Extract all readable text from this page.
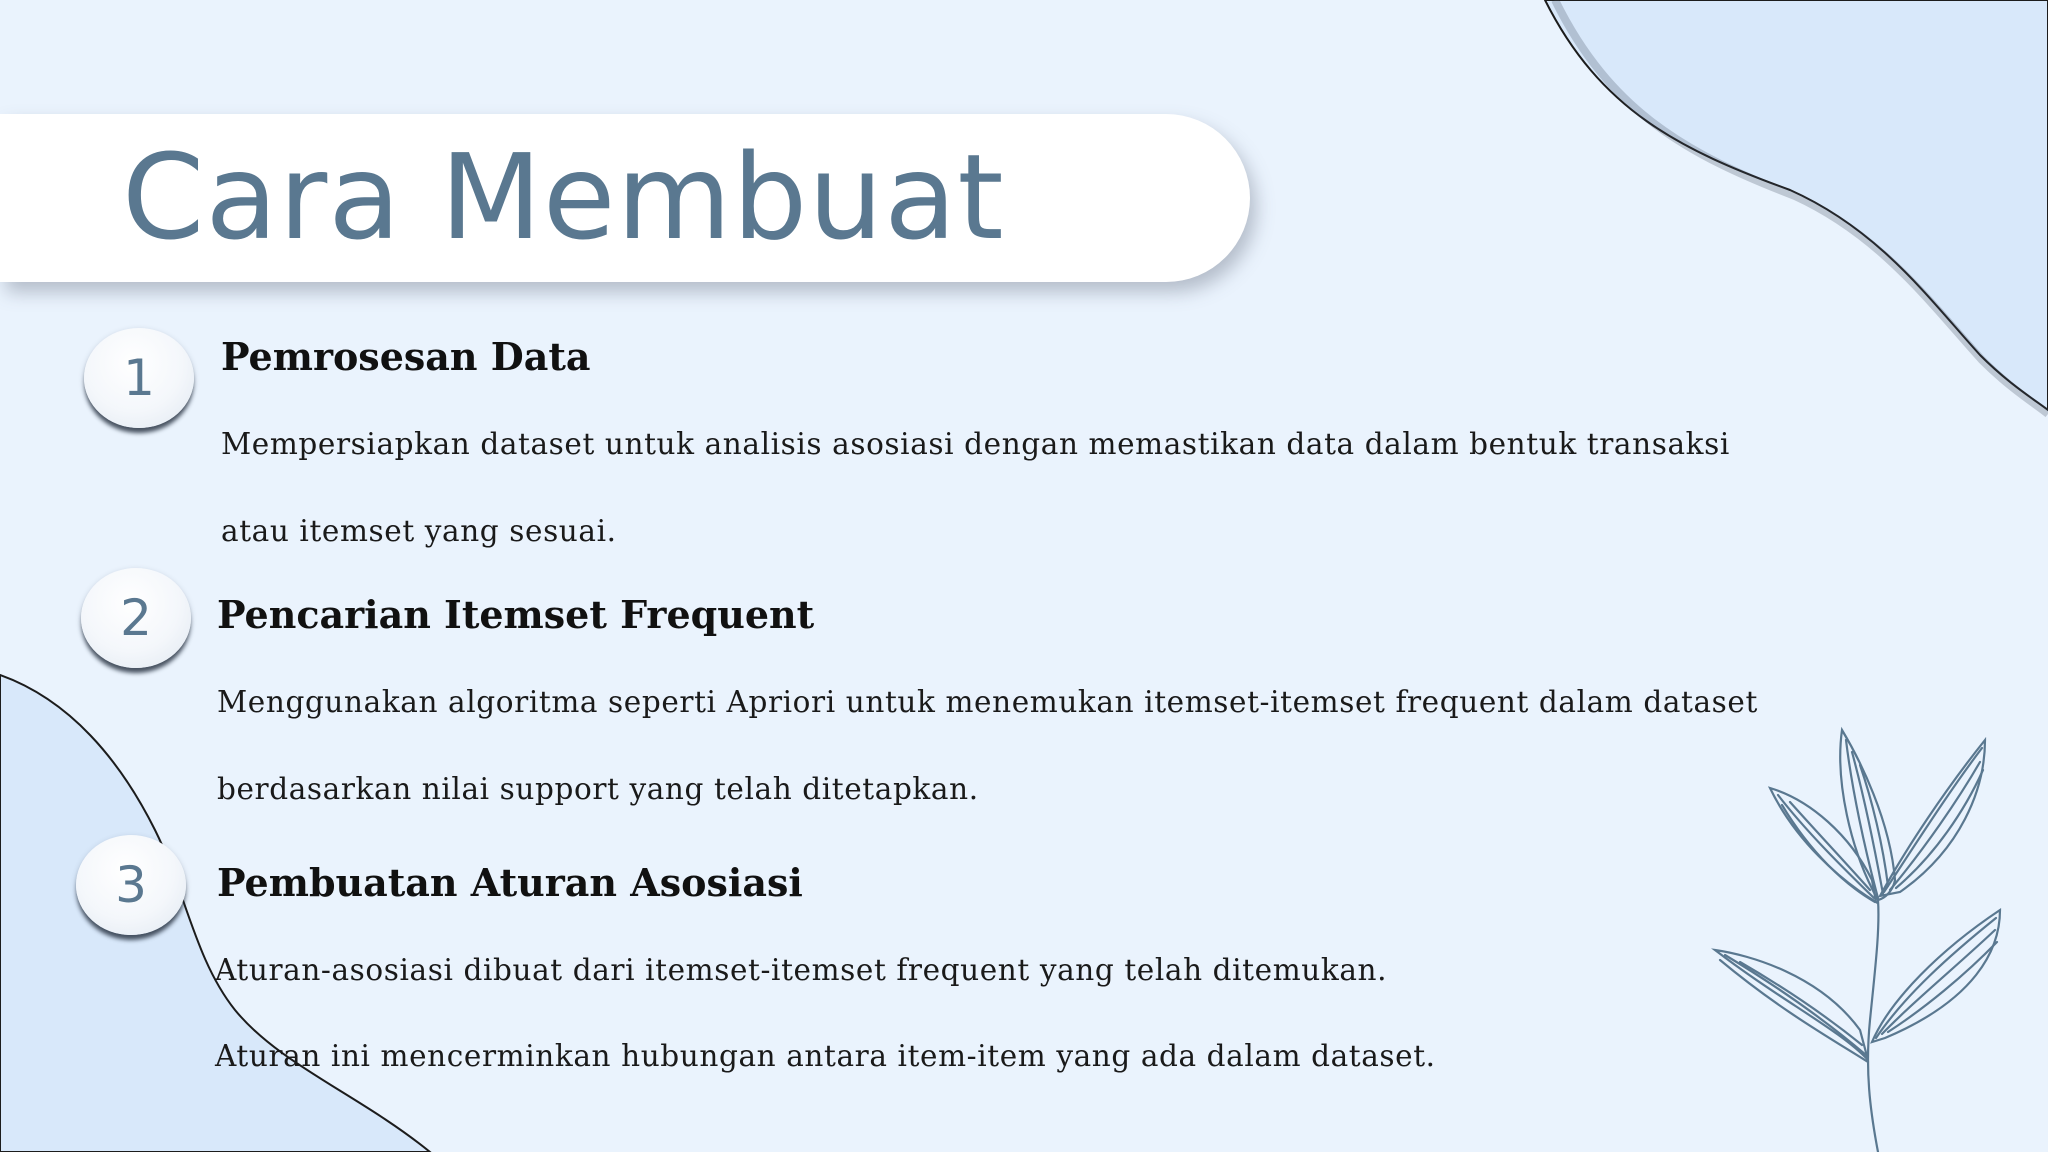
Cara Membuat
1	Pemrosesan Data
Mempersiapkan dataset untuk analisis asosiasi dengan memastikan data dalam bentuk transaksi
atau itemset yang sesuai.
2	Pencarian Itemset Frequent
Menggunakan algoritma seperti Apriori untuk menemukan itemset-itemset frequent dalam dataset
berdasarkan nilai support yang telah ditetapkan.
3	Pembuatan Aturan Asosiasi
Aturan-asosiasi dibuat dari itemset-itemset frequent yang telah ditemukan.
Aturan ini mencerminkan hubungan antara item-item yang ada dalam dataset.
